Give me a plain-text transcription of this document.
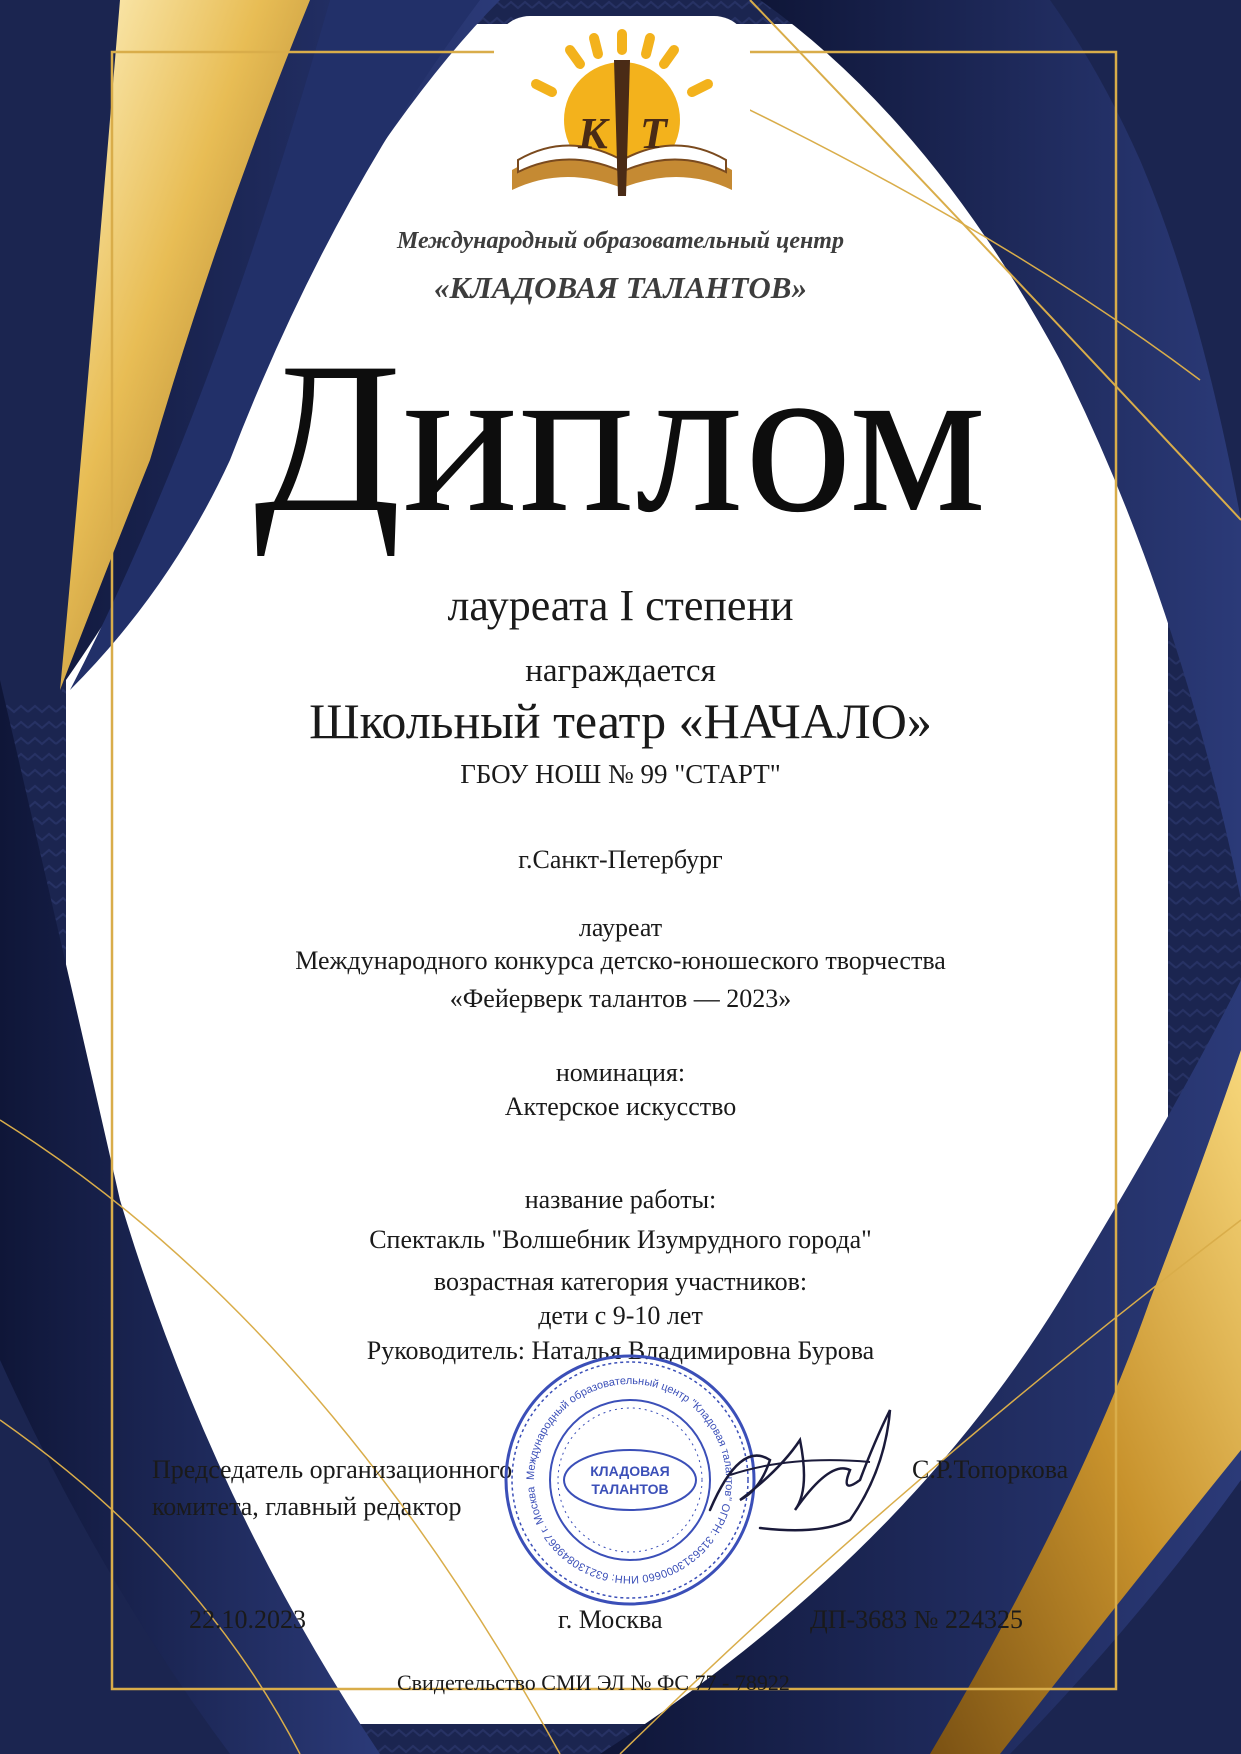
К Т
Международный образовательный центр
«КЛАДОВАЯ ТАЛАНТОВ»
Диплом
лауреата I степени
награждается
Школьный театр «НАЧАЛО»
ГБОУ НОШ № 99 "СТАРТ"
г.Санкт-Петербург
лауреат
Международного конкурса детско-юношеского творчества
«Фейерверк талантов — 2023»
номинация:
Актерское искусство
название работы:
Спектакль "Волшебник Изумрудного города"
возрастная категория участников:
дети с 9-10 лет
Руководитель: Наталья Владимировна Бурова
Председатель организационного
комитета, главный редактор
С.Р.Топоркова
Международный образовательный центр "Кладовая талантов" ОГРН: 3156313000660 ИНН: 632130849867 г. Москва
КЛАДОВАЯ
ТАЛАНТОВ
22.10.2023	г. Москва	ДП-3683 № 224325
Свидетельство СМИ ЭЛ № ФС 77 - 78922
